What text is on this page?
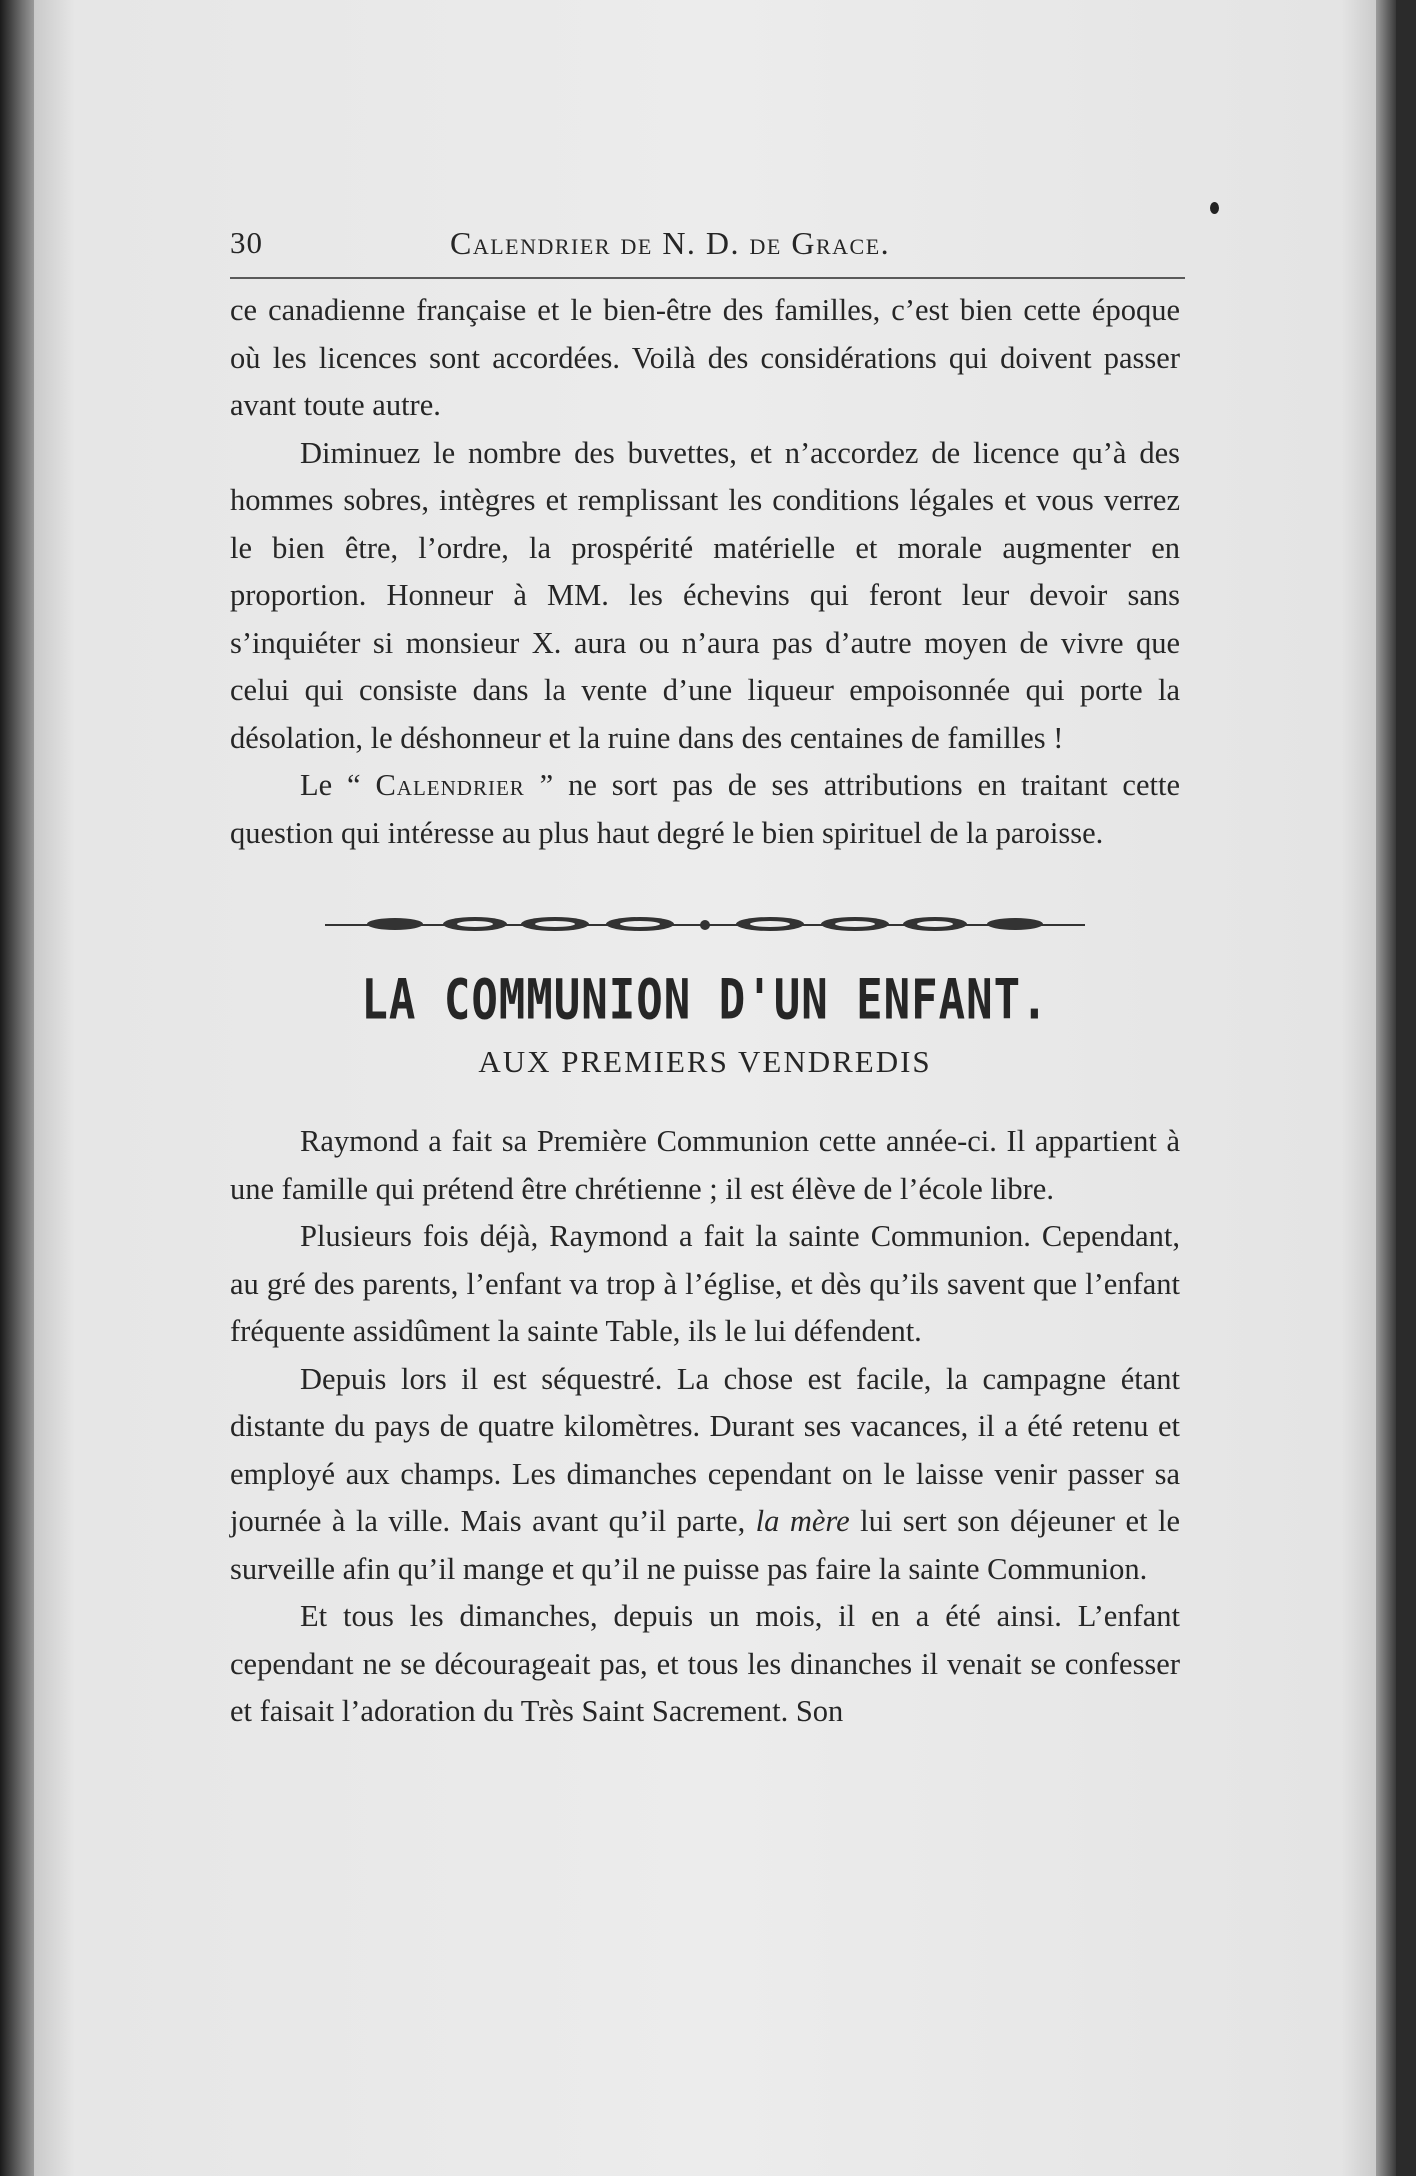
30	Calendrier de N. D. de Grace.

ce canadienne française et le bien-être des familles, c’est bien cette époque où les licences sont accordées. Voilà des considérations qui doivent passer avant toute autre.

Diminuez le nombre des buvettes, et n’accordez de licence qu’à des hommes sobres, intègres et remplissant les conditions légales et vous verrez le bien être, l’ordre, la prospérité matérielle et morale augmenter en proportion. Honneur à MM. les échevins qui feront leur devoir sans s’inquiéter si monsieur X. aura ou n’aura pas d’autre moyen de vivre que celui qui consiste dans la vente d’une liqueur empoisonnée qui porte la désolation, le déshonneur et la ruine dans des centaines de familles !

Le “ Calendrier ” ne sort pas de ses attributions en traitant cette question qui intéresse au plus haut degré le bien spirituel de la paroisse.

LA COMMUNION D'UN ENFANT.
AUX PREMIERS VENDREDIS

Raymond a fait sa Première Communion cette année-ci. Il appartient à une famille qui prétend être chrétienne ; il est élève de l’école libre.

Plusieurs fois déjà, Raymond a fait la sainte Communion. Cependant, au gré des parents, l’enfant va trop à l’église, et dès qu’ils savent que l’enfant fréquente assidûment la sainte Table, ils le lui défendent.

Depuis lors il est séquestré. La chose est facile, la campagne étant distante du pays de quatre kilomètres. Durant ses vacances, il a été retenu et employé aux champs. Les dimanches cependant on le laisse venir passer sa journée à la ville. Mais avant qu’il parte, la mère lui sert son déjeuner et le surveille afin qu’il mange et qu’il ne puisse pas faire la sainte Communion.

Et tous les dimanches, depuis un mois, il en a été ainsi. L’enfant cependant ne se décourageait pas, et tous les dinanches il venait se confesser et faisait l’adoration du Très Saint Sacrement. Son
